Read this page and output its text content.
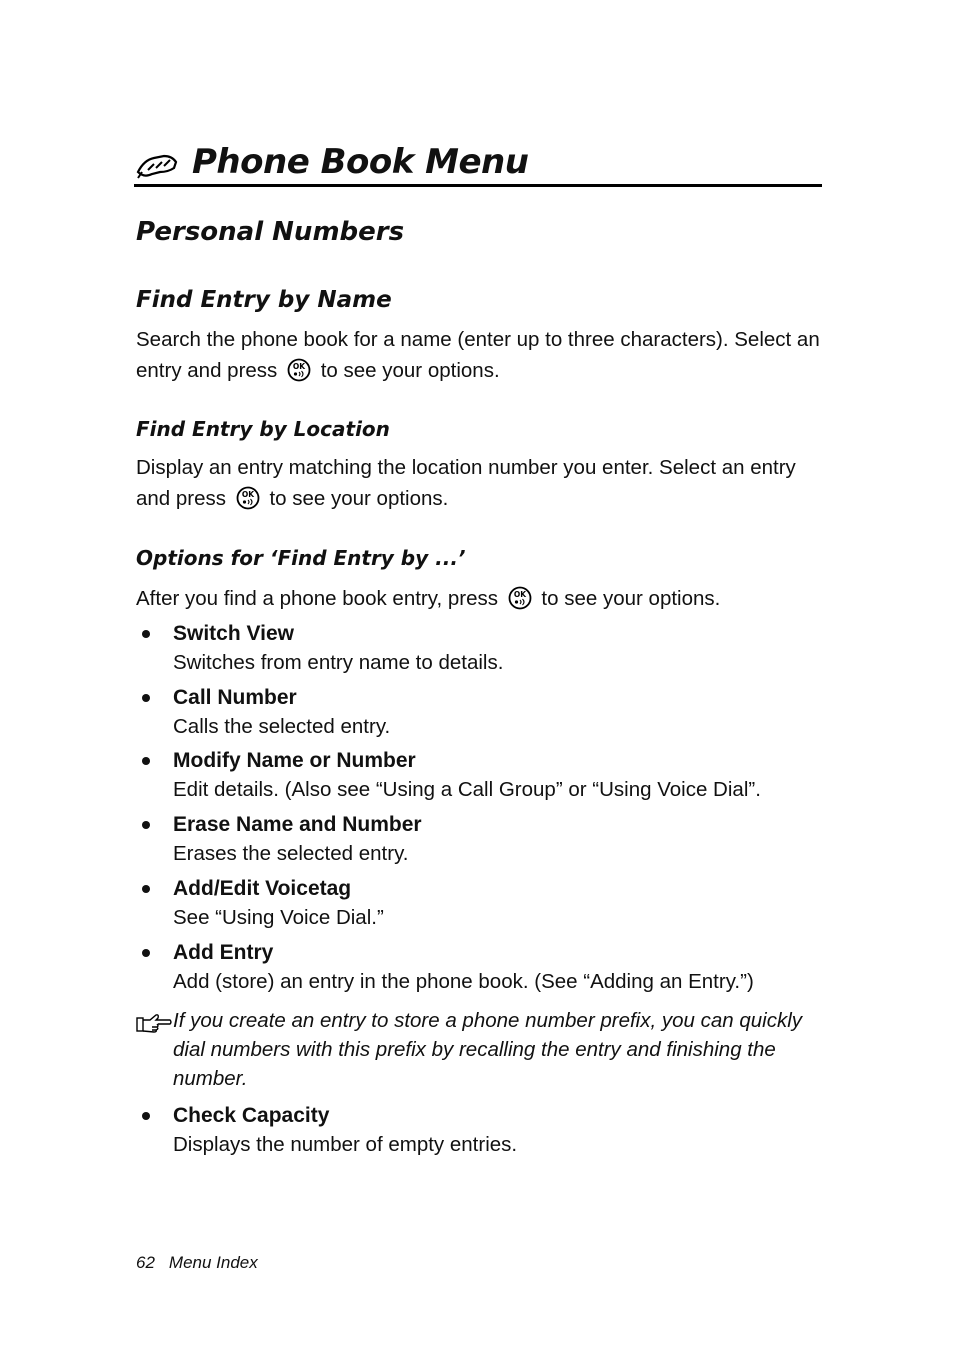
Phone Book Menu
Personal Numbers
Find Entry by Name

Search the phone book for a name (enter up to three characters). Select an entry and press OK to see your options.

Find Entry by Location

Display an entry matching the location number you enter. Select an entry and press OK to see your options.

Options for ‘Find Entry by ...’

After you find a phone book entry, press OK to see your options.

Switch View

Switches from entry name to details.

Call Number

Calls the selected entry.

Modify Name or Number

Edit details. (Also see “Using a Call Group” or “Using Voice Dial”.

Erase Name and Number

Erases the selected entry.

Add/Edit Voicetag

See “Using Voice Dial.”

Add Entry

Add (store) an entry in the phone book. (See “Adding an Entry.”)

Check Capacity

Displays the number of empty entries.

If you create an entry to store a phone number prefix, you can quickly dial numbers with this prefix by recalling the entry and finishing the number.

62 Menu Index
